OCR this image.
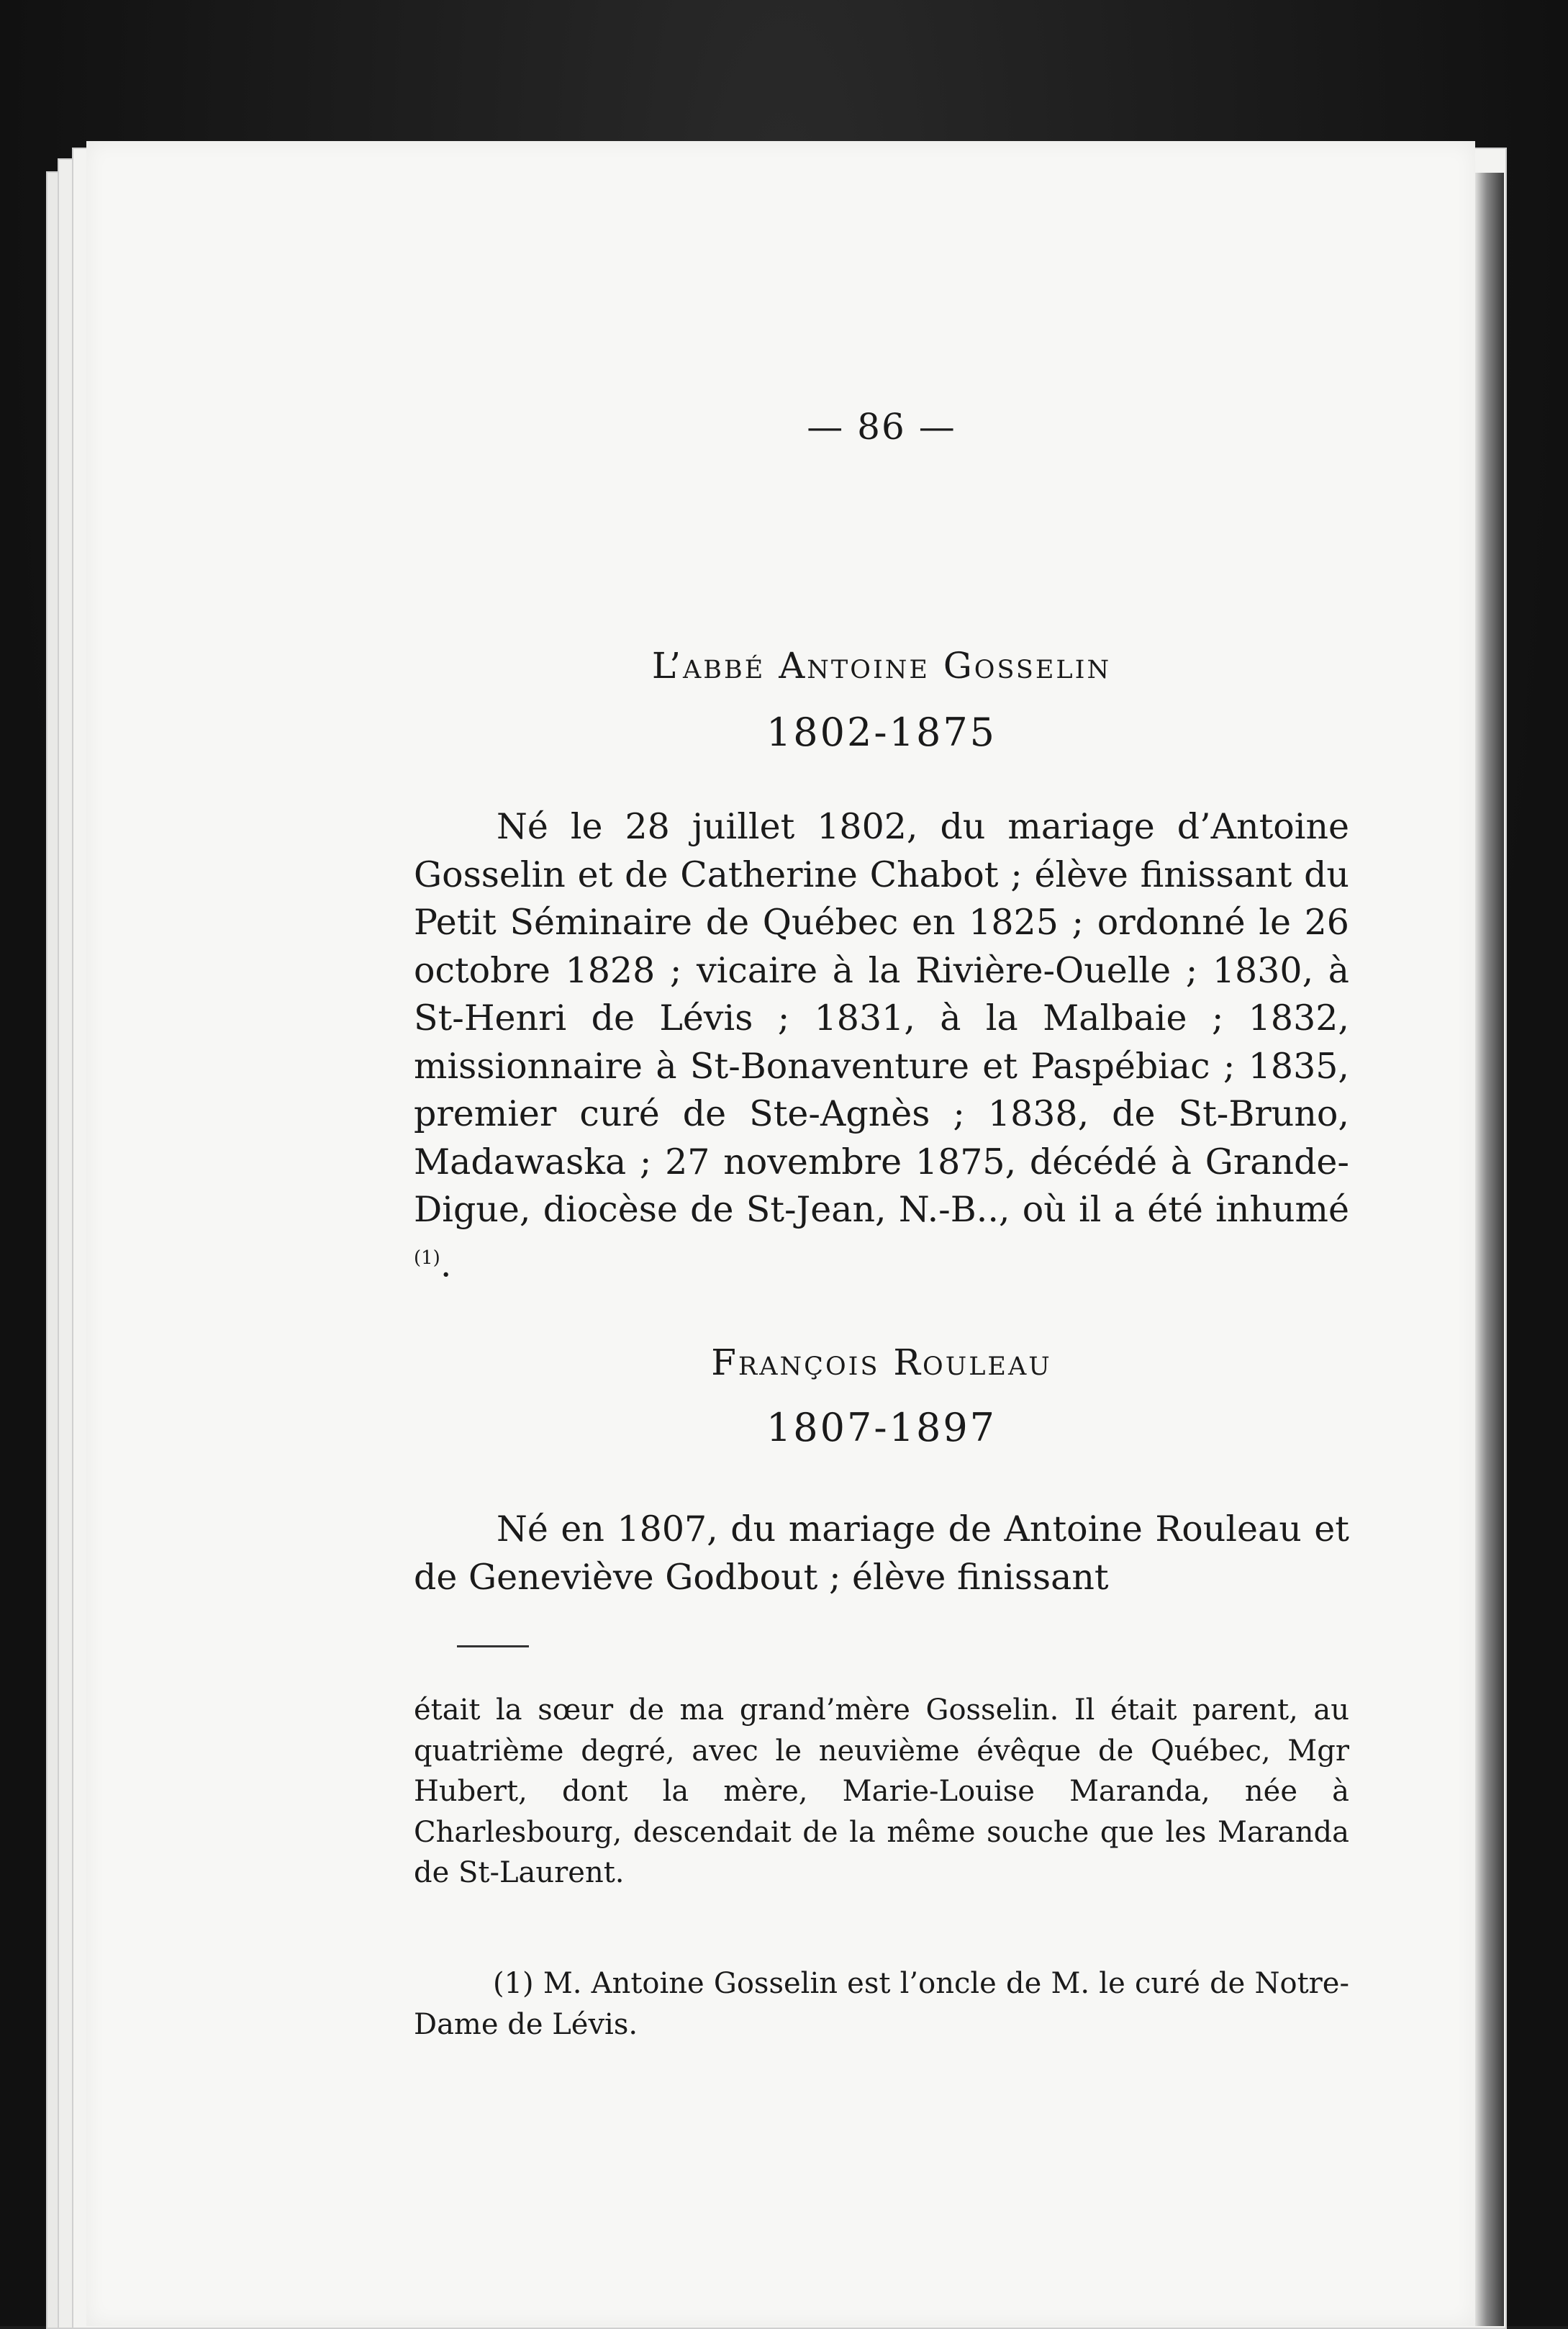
— 86 —
L’abbé Antoine Gosselin
1802-1875

Né le 28 juillet 1802, du mariage d’Antoine Gosselin et de Catherine Chabot ; élève finissant du Petit Séminaire de Québec en 1825 ; ordonné le 26 octobre 1828 ; vicaire à la Rivière-Ouelle ; 1830, à St-Henri de Lévis ; 1831, à la Malbaie ; 1832, missionnaire à St-Bonaventure et Paspébiac ; 1835, premier curé de Ste-Agnès ; 1838, de St-Bruno, Madawaska ; 27 novembre 1875, décédé à Grande-Digue, diocèse de St-Jean, N.-B.., où il a été inhumé $^{(1)}$.

François Rouleau
1807-1897

Né en 1807, du mariage de Antoine Rouleau et de Geneviève Godbout ; élève finissant

était la sœur de ma grand’mère Gosselin. Il était parent, au quatrième degré, avec le neuvième évêque de Québec, Mgr Hubert, dont la mère, Marie-Louise Maranda, née à Charlesbourg, descendait de la même souche que les Maranda de St-Laurent.

(1) M. Antoine Gosselin est l’oncle de M. le curé de Notre-Dame de Lévis.
